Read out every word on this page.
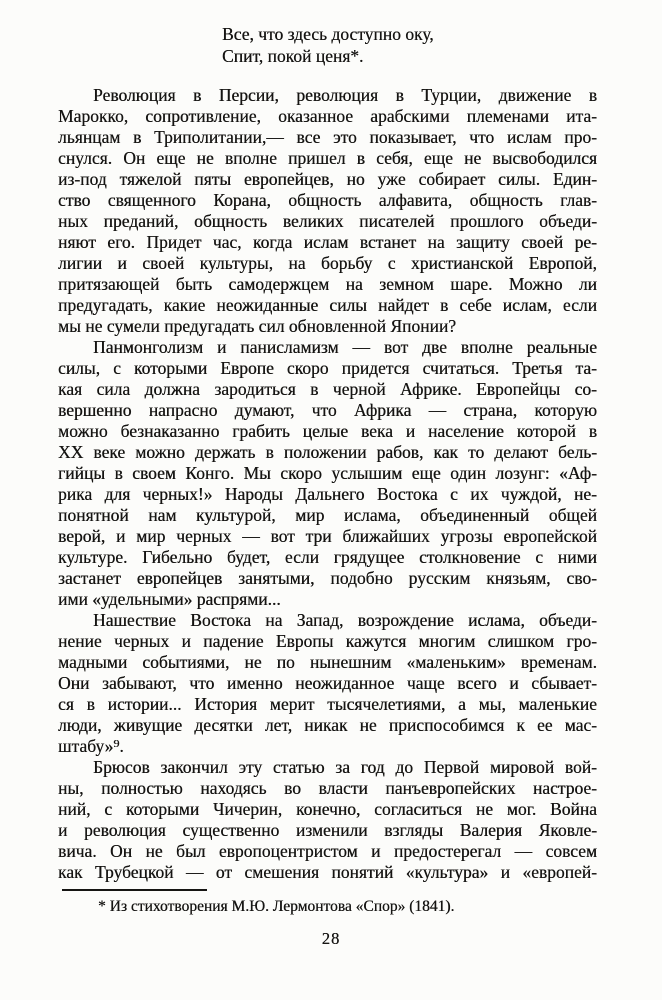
Все, что здесь доступно оку,
Спит, покой ценя*.
Революция в Персии, революция в Турции, движение в
Марокко, сопротивление, оказанное арабскими племенами ита-
льянцам в Триполитании,— все это показывает, что ислам про-
снулся. Он еще не вполне пришел в себя, еще не высвободился
из-под тяжелой пяты европейцев, но уже собирает силы. Един-
ство священного Корана, общность алфавита, общность глав-
ных преданий, общность великих писателей прошлого объеди-
няют его. Придет час, когда ислам встанет на защиту своей ре-
лигии и своей культуры, на борьбу с христианской Европой,
притязающей быть самодержцем на земном шаре. Можно ли
предугадать, какие неожиданные силы найдет в себе ислам, если
мы не сумели предугадать сил обновленной Японии?
Панмонголизм и панисламизм — вот две вполне реальные
силы, с которыми Европе скоро придется считаться. Третья та-
кая сила должна зародиться в черной Африке. Европейцы со-
вершенно напрасно думают, что Африка — страна, которую
можно безнаказанно грабить целые века и население которой в
ХХ веке можно держать в положении рабов, как то делают бель-
гийцы в своем Конго. Мы скоро услышим еще один лозунг: «Аф-
рика для черных!» Народы Дальнего Востока с их чуждой, не-
понятной нам культурой, мир ислама, объединенный общей
верой, и мир черных — вот три ближайших угрозы европейской
культуре. Гибельно будет, если грядущее столкновение с ними
застанет европейцев занятыми, подобно русским князьям, сво-
ими «удельными» распрями...
Нашествие Востока на Запад, возрождение ислама, объеди-
нение черных и падение Европы кажутся многим слишком гро-
мадными событиями, не по нынешним «маленьким» временам.
Они забывают, что именно неожиданное чаще всего и сбывает-
ся в истории... История мерит тысячелетиями, а мы, маленькие
люди, живущие десятки лет, никак не приспособимся к ее мас-
штабу»⁹.
Брюсов закончил эту статью за год до Первой мировой вой-
ны, полностью находясь во власти панъевропейских настрое-
ний, с которыми Чичерин, конечно, согласиться не мог. Война
и революция существенно изменили взгляды Валерия Яковле-
вича. Он не был европоцентристом и предостерегал — совсем
как Трубецкой — от смешения понятий «культура» и «европей-
* Из стихотворения М.Ю. Лермонтова «Спор» (1841).
28
